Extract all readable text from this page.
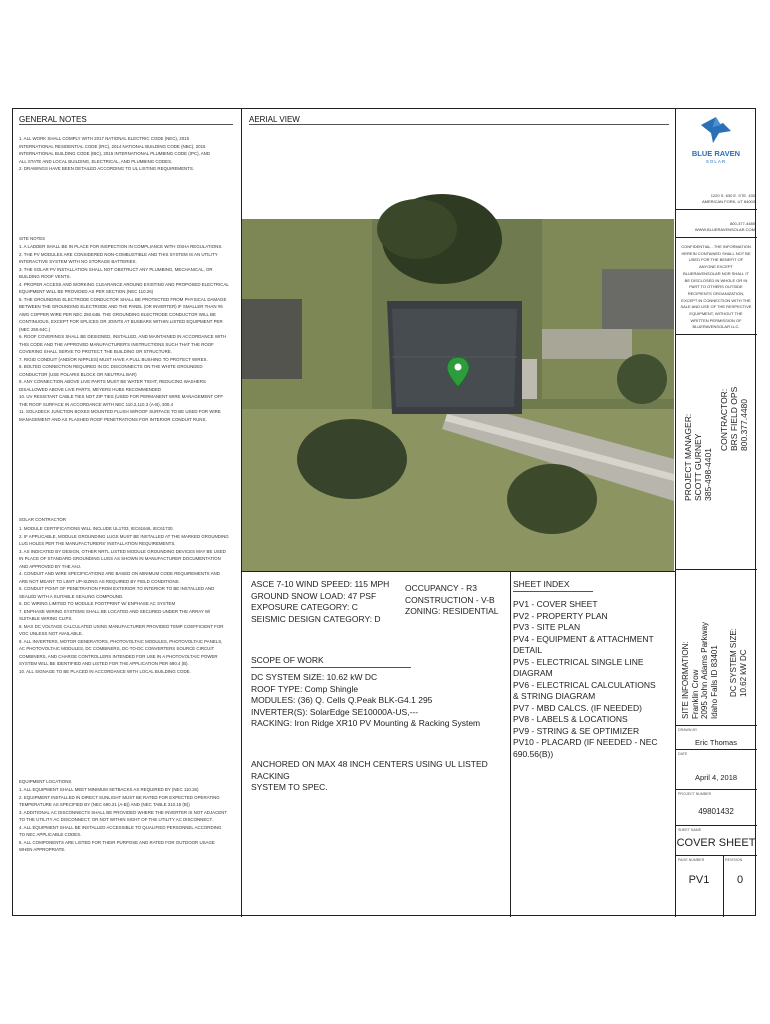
GENERAL NOTES
1. ALL WORK SHALL COMPLY WITH 2017 NATIONAL ELECTRIC CODE (NEC), 2015
INTERNATIONAL RESIDENTIAL CODE (IRC), 2014 NATIONAL BUILDING CODE (NBC), 2015
INTERNATIONAL BUILDING CODE (IBC), 2015 INTERNATIONAL PLUMBING CODE (IPC), AND
ALL STATE AND LOCAL BUILDING, ELECTRICAL, AND PLUMBING CODES.
2. DRAWINGS HAVE BEEN DETAILED ACCORDING TO UL LISTING REQUIREMENTS.
SITE NOTES
1. A LADDER SHALL BE IN PLACE FOR INSPECTION IN COMPLIANCE WITH OSHA REGULATIONS.
2. THE PV MODULES ARE CONSIDERED NON-COMBUSTIBLE AND THIS SYSTEM IS AN UTILITY
INTERACTIVE SYSTEM WITH NO STORAGE BATTERIES.
3. THE SOLAR PV INSTALLATION SHALL NOT OBSTRUCT ANY PLUMBING, MECHANICAL, OR
BUILDING ROOF VENTS.
4. PROPER ACCESS AND WORKING CLEARANCE AROUND EXISTING AND PROPOSED ELECTRICAL
EQUIPMENT WILL BE PROVIDED AS PER SECTION (NEC 110.26)
5. THE GROUNDING ELECTRODE CONDUCTOR SHALL BE PROTECTED FROM PHYSICAL DAMAGE
BETWEEN THE GROUNDING ELECTRODE AND THE PANEL (OR INVERTER) IF SMALLER THAN #6
AWG COPPER WIRE PER NEC 250.64B. THE GROUNDING ELECTRODE CONDUCTOR WILL BE
CONTINUOUS, EXCEPT FOR SPLICES OR JOINTS AT BUSBARS WITHIN LISTED EQUIPMENT PER
(NEC 250.64C.)
6. ROOF COVERINGS SHALL BE DESIGNED, INSTALLED, AND MAINTAINED IN ACCORDANCE WITH
THIS CODE AND THE APPROVED MANUFACTURER'S INSTRUCTIONS SUCH THAT THE ROOF
COVERING SHALL SERVE TO PROTECT THE BUILDING OR STRUCTURE.
7. RIGID CONDUIT (AND/OR NIPPLES) MUST HAVE A PULL BUSHING TO PROTECT WIRES.
8. BOLTED CONNECTION REQUIRED IN DC DISCONNECTS ON THE WHITE GROUNDED
CONDUCTOR (USE POLARIS BLOCK OR NEUTRAL BAR)
9. ANY CONNECTION ABOVE LIVE PARTS MUST BE WATER TIGHT, REDUCING WASHERS
DISALLOWED ABOVE LIVE PARTS, MEYERS HUBS RECOMMENDED
10. UV RESISTANT CABLE TIES NOT ZIP TIES (USED FOR PERMANENT WIRE MANAGEMENT OFF
THE ROOF SURFACE IN ACCORDANCE WITH NEC 110.2,110.3 (A-B), 300.4
11. SOLADECK JUNCTION BOXES MOUNTED FLUSH W/ROOF SURFACE TO BE USED FOR WIRE
MANAGEMENT AND AS FLASHED ROOF PENETRATIONS FOR INTERIOR CONDUIT RUNS.
SOLAR CONTRACTOR
1. MODULE CERTIFICATIONS WILL INCLUDE UL1703, IEC61646, IEC61730.
2. IF APPLICABLE, MODULE GROUNDING LUGS MUST BE INSTALLED AT THE MARKED GROUNDING
LUG HOLES PER THE MANUFACTURERS' INSTALLATION REQUIREMENTS.
3. AS INDICATED BY DESIGN, OTHER NRTL LISTED MODULE GROUNDING DEVICES MAY BE USED
IN PLACE OF STANDARD GROUNDING LUGS AS SHOWN IN MANUFACTURER DOCUMENTATION
AND APPROVED BY THE AHJ.
4. CONDUIT AND WIRE SPECIFICATIONS ARE BASED ON MINIMUM CODE REQUIREMENTS AND
ARE NOT MEANT TO LIMIT UP-SIZING AS REQUIRED BY FIELD CONDITIONS.
5. CONDUIT POINT OF PENETRATION FROM EXTERIOR TO INTERIOR TO BE INSTALLED AND
SEALED WITH A SUITABLE SEALING COMPOUND.
6. DC WIRING LIMITED TO MODULE FOOTPRINT W/ ENPHASE AC SYSTEM
7. ENPHASE WIRING SYSTEMS SHALL BE LOCATED AND SECURED UNDER THE ARRAY W/
SUITABLE WIRING CLIPS.
8. MAX DC VOLTAGE CALCULATED USING MANUFACTURER PROVIDED TEMP COEFFICIENT FOR
VOC UNLESS NOT AVAILABLE.
9. ALL INVERTERS, MOTOR GENERATORS, PHOTOVOLTAIC MODULES, PHOTOVOLTAIC PANELS,
AC PHOTOVOLTAIC MODULES, DC COMBINERS, DC-TO-DC CONVERTERS SOURCE CIRCUIT
COMBINERS, AND CHARGE CONTROLLERS INTENDED FOR USE IN A PHOTOVOLTAIC POWER
SYSTEM WILL BE IDENTIFIED AND LISTED FOR THE APPLICATION PER 690.4 (B).
10. ALL SIGNAGE TO BE PLACED IN ACCORDANCE WITH LOCAL BUILDING CODE.
EQUIPMENT LOCATIONS
1. ALL EQUIPMENT SHALL MEET MINIMUM SETBACKS AS REQUIRED BY (NEC 110.26)
2. EQUIPMENT INSTALLED IN DIRECT SUNLIGHT MUST BE RATED FOR EXPECTED OPERATING
TEMPERATURE AS SPECIFIED BY (NEC 690.31 (A-B)) AND (NEC TABLE 310.15 (B))
3. ADDITIONAL AC DISCONNECTS SHALL BE PROVIDED WHERE THE INVERTER IS NOT ADJACENT
TO THE UTILITY AC DISCONNECT, OR NOT WITHIN SIGHT OF THE UTILITY AC DISCONNECT.
4. ALL EQUIPMENT SHALL BE INSTALLED ACCESSIBLE TO QUALIFIED PERSONNEL ACCORDING
TO NEC APPLICABLE CODES.
5. ALL COMPONENTS ARE LISTED FOR THEIR PURPOSE AND RATED FOR OUTDOOR USAGE
WHEN APPROPRIATE.
AERIAL VIEW
ASCE 7-10 WIND SPEED: 115 MPH
GROUND SNOW LOAD: 47 PSF
EXPOSURE CATEGORY: C
SEISMIC DESIGN CATEGORY: D
OCCUPANCY - R3
CONSTRUCTION - V-B
ZONING: RESIDENTIAL
SCOPE OF WORK
DC SYSTEM SIZE: 10.62 kW DC
ROOF TYPE: Comp Shingle
MODULES: (36) Q. Cells Q.Peak BLK-G4.1 295
INVERTER(S): SolarEdge SE10000A-US,---
RACKING: Iron Ridge XR10 PV Mounting & Racking System
ANCHORED ON MAX 48 INCH CENTERS USING UL LISTED RACKING
SYSTEM TO SPEC.
SHEET INDEX
PV1 - COVER SHEET
PV2 - PROPERTY PLAN
PV3 - SITE PLAN
PV4 - EQUIPMENT & ATTACHMENT DETAIL
PV5 - ELECTRICAL SINGLE LINE DIAGRAM
PV6 - ELECTRICAL CALCULATIONS
& STRING DIAGRAM
PV7 - MBD CALCS. (IF NEEDED)
PV8 - LABELS & LOCATIONS
PV9 - STRING & SE OPTIMIZER
PV10 - PLACARD (IF NEEDED - NEC 690.56(B))
BLUE RAVEN
SOLAR
1220 S. 630 E. STE. 430
AMERICAN FORK, UT 84003
800-377-4480
WWW.BLUERAVENSOLAR.COM
CONFIDENTIAL - THE INFORMATION
HEREIN CONTAINED SHALL NOT BE
USED FOR THE BENEFIT OF
ANYONE EXCEPT
BLUERAVENSOLAR NOR SHALL IT
BE DISCLOSED IN WHOLE OR IN
PART TO OTHERS OUTSIDE
RECIPIENTS ORGANIZATION,
EXCEPT IN CONNECTION WITH THE
SALE AND USE OF THE RESPECTIVE
EQUIPMENT, WITHOUT THE
WRITTEN PERMISSION OF
BLUERAVENSOLAR LLC.
PROJECT MANAGER: SCOTT GURNEY 385-498-4401
CONTRACTOR: BRS FIELD OPS 800.377.4480
SITE INFORMATION: Franklin Crow 2095 John Adams Parkway Idaho Falls ID 83401 DC SYSTEM SIZE: 10.62 kW DC
DRAWN BY
Eric Thomas
DATE
April 4, 2018
PROJECT NUMBER
49801432
SHEET NAME
COVER SHEET
PAGE NUMBER	REVISION
PV1	0
